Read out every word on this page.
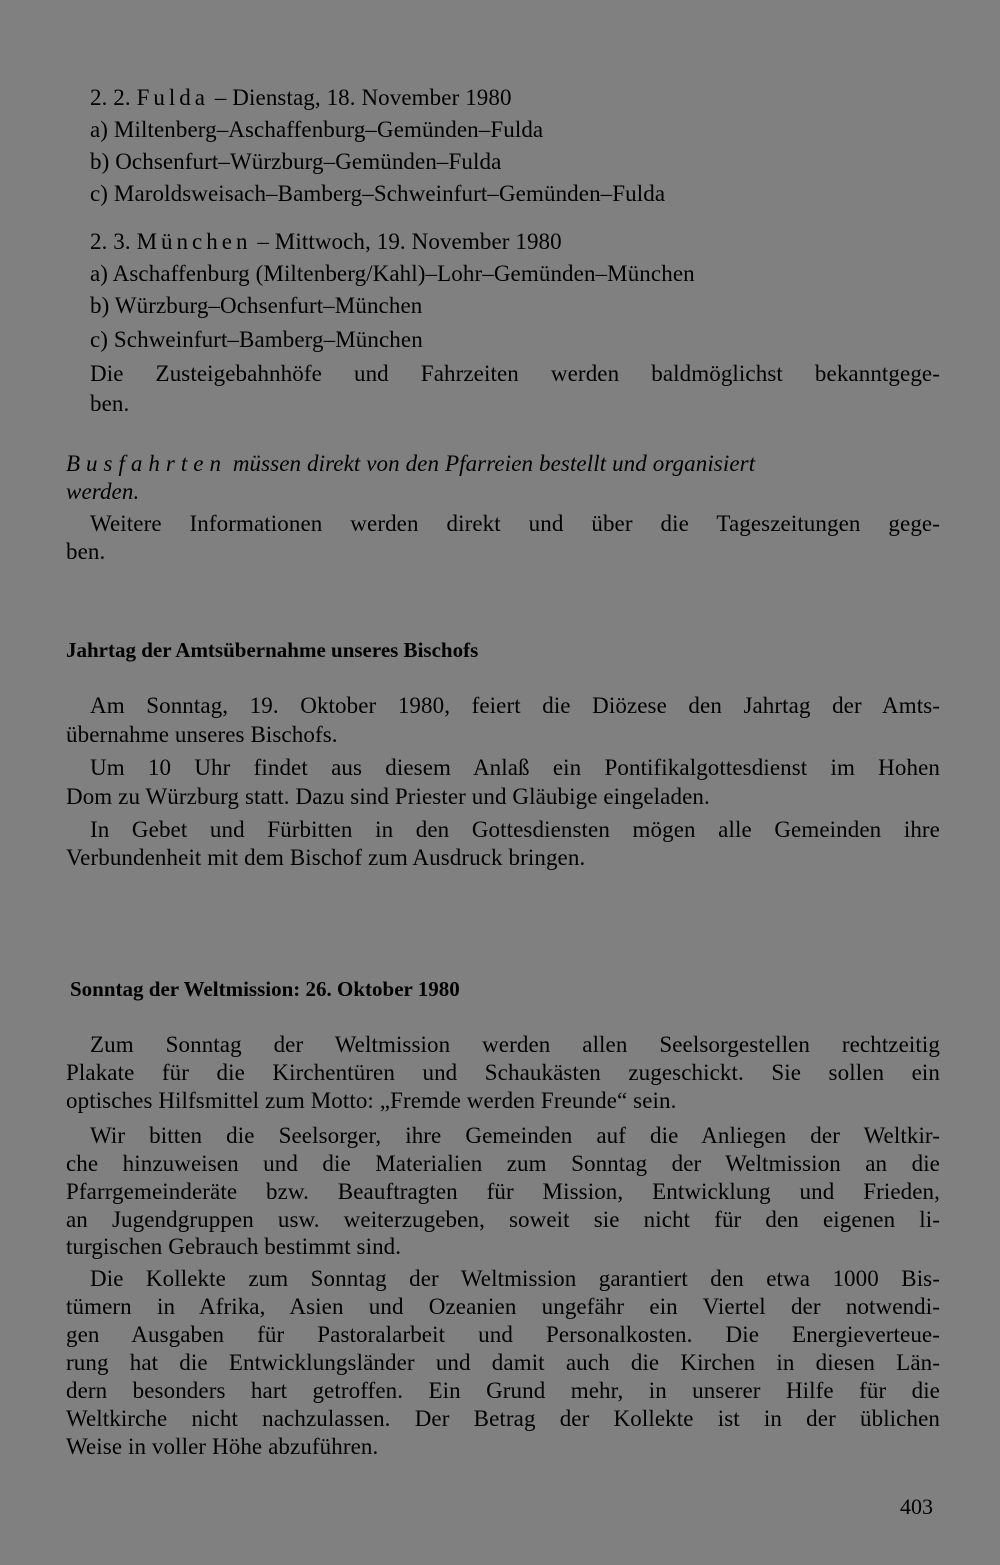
2. 2. Fulda – Dienstag, 18. November 1980
a) Miltenberg–Aschaffenburg–Gemünden–Fulda
b) Ochsenfurt–Würzburg–Gemünden–Fulda
c) Maroldsweisach–Bamberg–Schweinfurt–Gemünden–Fulda
2. 3. München – Mittwoch, 19. November 1980
a) Aschaffenburg (Miltenberg/Kahl)–Lohr–Gemünden–München
b) Würzburg–Ochsenfurt–München
c) Schweinfurt–Bamberg–München
Die Zusteigebahnhöfe und Fahrzeiten werden baldmöglichst bekanntgege-
ben.
Busfahrten müssen direkt von den Pfarreien bestellt und organisiert
werden.
Weitere Informationen werden direkt und über die Tageszeitungen gege-
ben.
Jahrtag der Amtsübernahme unseres Bischofs
Am Sonntag, 19. Oktober 1980, feiert die Diözese den Jahrtag der Amts-
übernahme unseres Bischofs.
Um 10 Uhr findet aus diesem Anlaß ein Pontifikalgottesdienst im Hohen
Dom zu Würzburg statt. Dazu sind Priester und Gläubige eingeladen.
In Gebet und Fürbitten in den Gottesdiensten mögen alle Gemeinden ihre
Verbundenheit mit dem Bischof zum Ausdruck bringen.
Sonntag der Weltmission: 26. Oktober 1980
Zum Sonntag der Weltmission werden allen Seelsorgestellen rechtzeitig
Plakate für die Kirchentüren und Schaukästen zugeschickt. Sie sollen ein
optisches Hilfsmittel zum Motto: „Fremde werden Freunde“ sein.
Wir bitten die Seelsorger, ihre Gemeinden auf die Anliegen der Weltkir-
che hinzuweisen und die Materialien zum Sonntag der Weltmission an die
Pfarrgemeinderäte bzw. Beauftragten für Mission, Entwicklung und Frieden,
an Jugendgruppen usw. weiterzugeben, soweit sie nicht für den eigenen li-
turgischen Gebrauch bestimmt sind.
Die Kollekte zum Sonntag der Weltmission garantiert den etwa 1000 Bis-
tümern in Afrika, Asien und Ozeanien ungefähr ein Viertel der notwendi-
gen Ausgaben für Pastoralarbeit und Personalkosten. Die Energieverteue-
rung hat die Entwicklungsländer und damit auch die Kirchen in diesen Län-
dern besonders hart getroffen. Ein Grund mehr, in unserer Hilfe für die
Weltkirche nicht nachzulassen. Der Betrag der Kollekte ist in der üblichen
Weise in voller Höhe abzuführen.
403
